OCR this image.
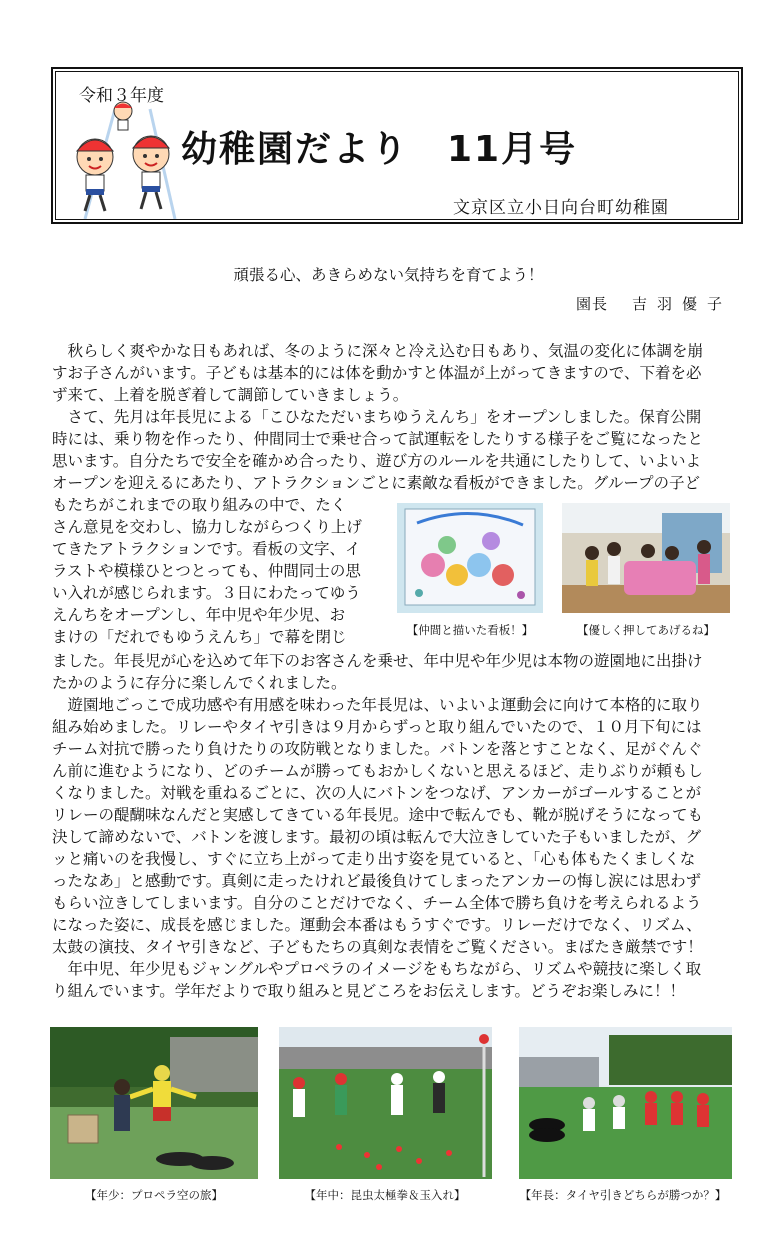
令和３年度
幼稚園だより　11月号
文京区立小日向台町幼稚園
頑張る心、あきらめない気持ちを育てよう！
園長 吉羽優子
　秋らしく爽やかな日もあれば、冬のように深々と冷え込む日もあり、気温の変化に体調を崩
すお子さんがいます。子どもは基本的には体を動かすと体温が上がってきますので、下着を必
ず来て、上着を脱ぎ着して調節していきましょう。
　さて、先月は年長児による「こひなただいまちゆうえんち」をオープンしました。保育公開
時には、乗り物を作ったり、仲間同士で乗せ合って試運転をしたりする様子をご覧になったと
思います。自分たちで安全を確かめ合ったり、遊び方のルールを共通にしたりして、いよいよ
オープンを迎えるにあたり、アトラクションごとに素敵な看板ができました。グループの子ど
もたちがこれまでの取り組みの中で、たく
さん意見を交わし、協力しながらつくり上げ
てきたアトラクションです。看板の文字、イ
ラストや模様ひとつとっても、仲間同士の思
い入れが感じられます。３日にわたってゆう
えんちをオープンし、年中児や年少児、お
まけの「だれでもゆうえんち」で幕を閉じ
ました。年長児が心を込めて年下のお客さんを乗せ、年中児や年少児は本物の遊園地に出掛け
たかのように存分に楽しんでくれました。
　遊園地ごっこで成功感や有用感を味わった年長児は、いよいよ運動会に向けて本格的に取り
組み始めました。リレーやタイヤ引きは９月からずっと取り組んでいたので、１０月下旬には
チーム対抗で勝ったり負けたりの攻防戦となりました。バトンを落とすことなく、足がぐんぐ
ん前に進むようになり、どのチームが勝ってもおかしくないと思えるほど、走りぶりが頼もし
くなりました。対戦を重ねるごとに、次の人にバトンをつなげ、アンカーがゴールすることが
リレーの醍醐味なんだと実感してきている年長児。途中で転んでも、靴が脱げそうになっても
決して諦めないで、バトンを渡します。最初の頃は転んで大泣きしていた子もいましたが、グ
ッと痛いのを我慢し、すぐに立ち上がって走り出す姿を見ていると、「心も体もたくましくな
ったなあ」と感動です。真剣に走ったけれど最後負けてしまったアンカーの悔し涙には思わず
もらい泣きしてしまいます。自分のことだけでなく、チーム全体で勝ち負けを考えられるよう
になった姿に、成長を感じました。運動会本番はもうすぐです。リレーだけでなく、リズム、
太鼓の演技、タイヤ引きなど、子どもたちの真剣な表情をご覧ください。まばたき厳禁です！
　年中児、年少児もジャングルやプロペラのイメージをもちながら、リズムや競技に楽しく取
り組んでいます。学年だよりで取り組みと見どころをお伝えします。どうぞお楽しみに！！
【仲間と描いた看板！】	【優しく押してあげるね】
【年少：プロペラ空の旅】	【年中：昆虫太極拳＆玉入れ】	【年長：タイヤ引きどちらが勝つか？】
